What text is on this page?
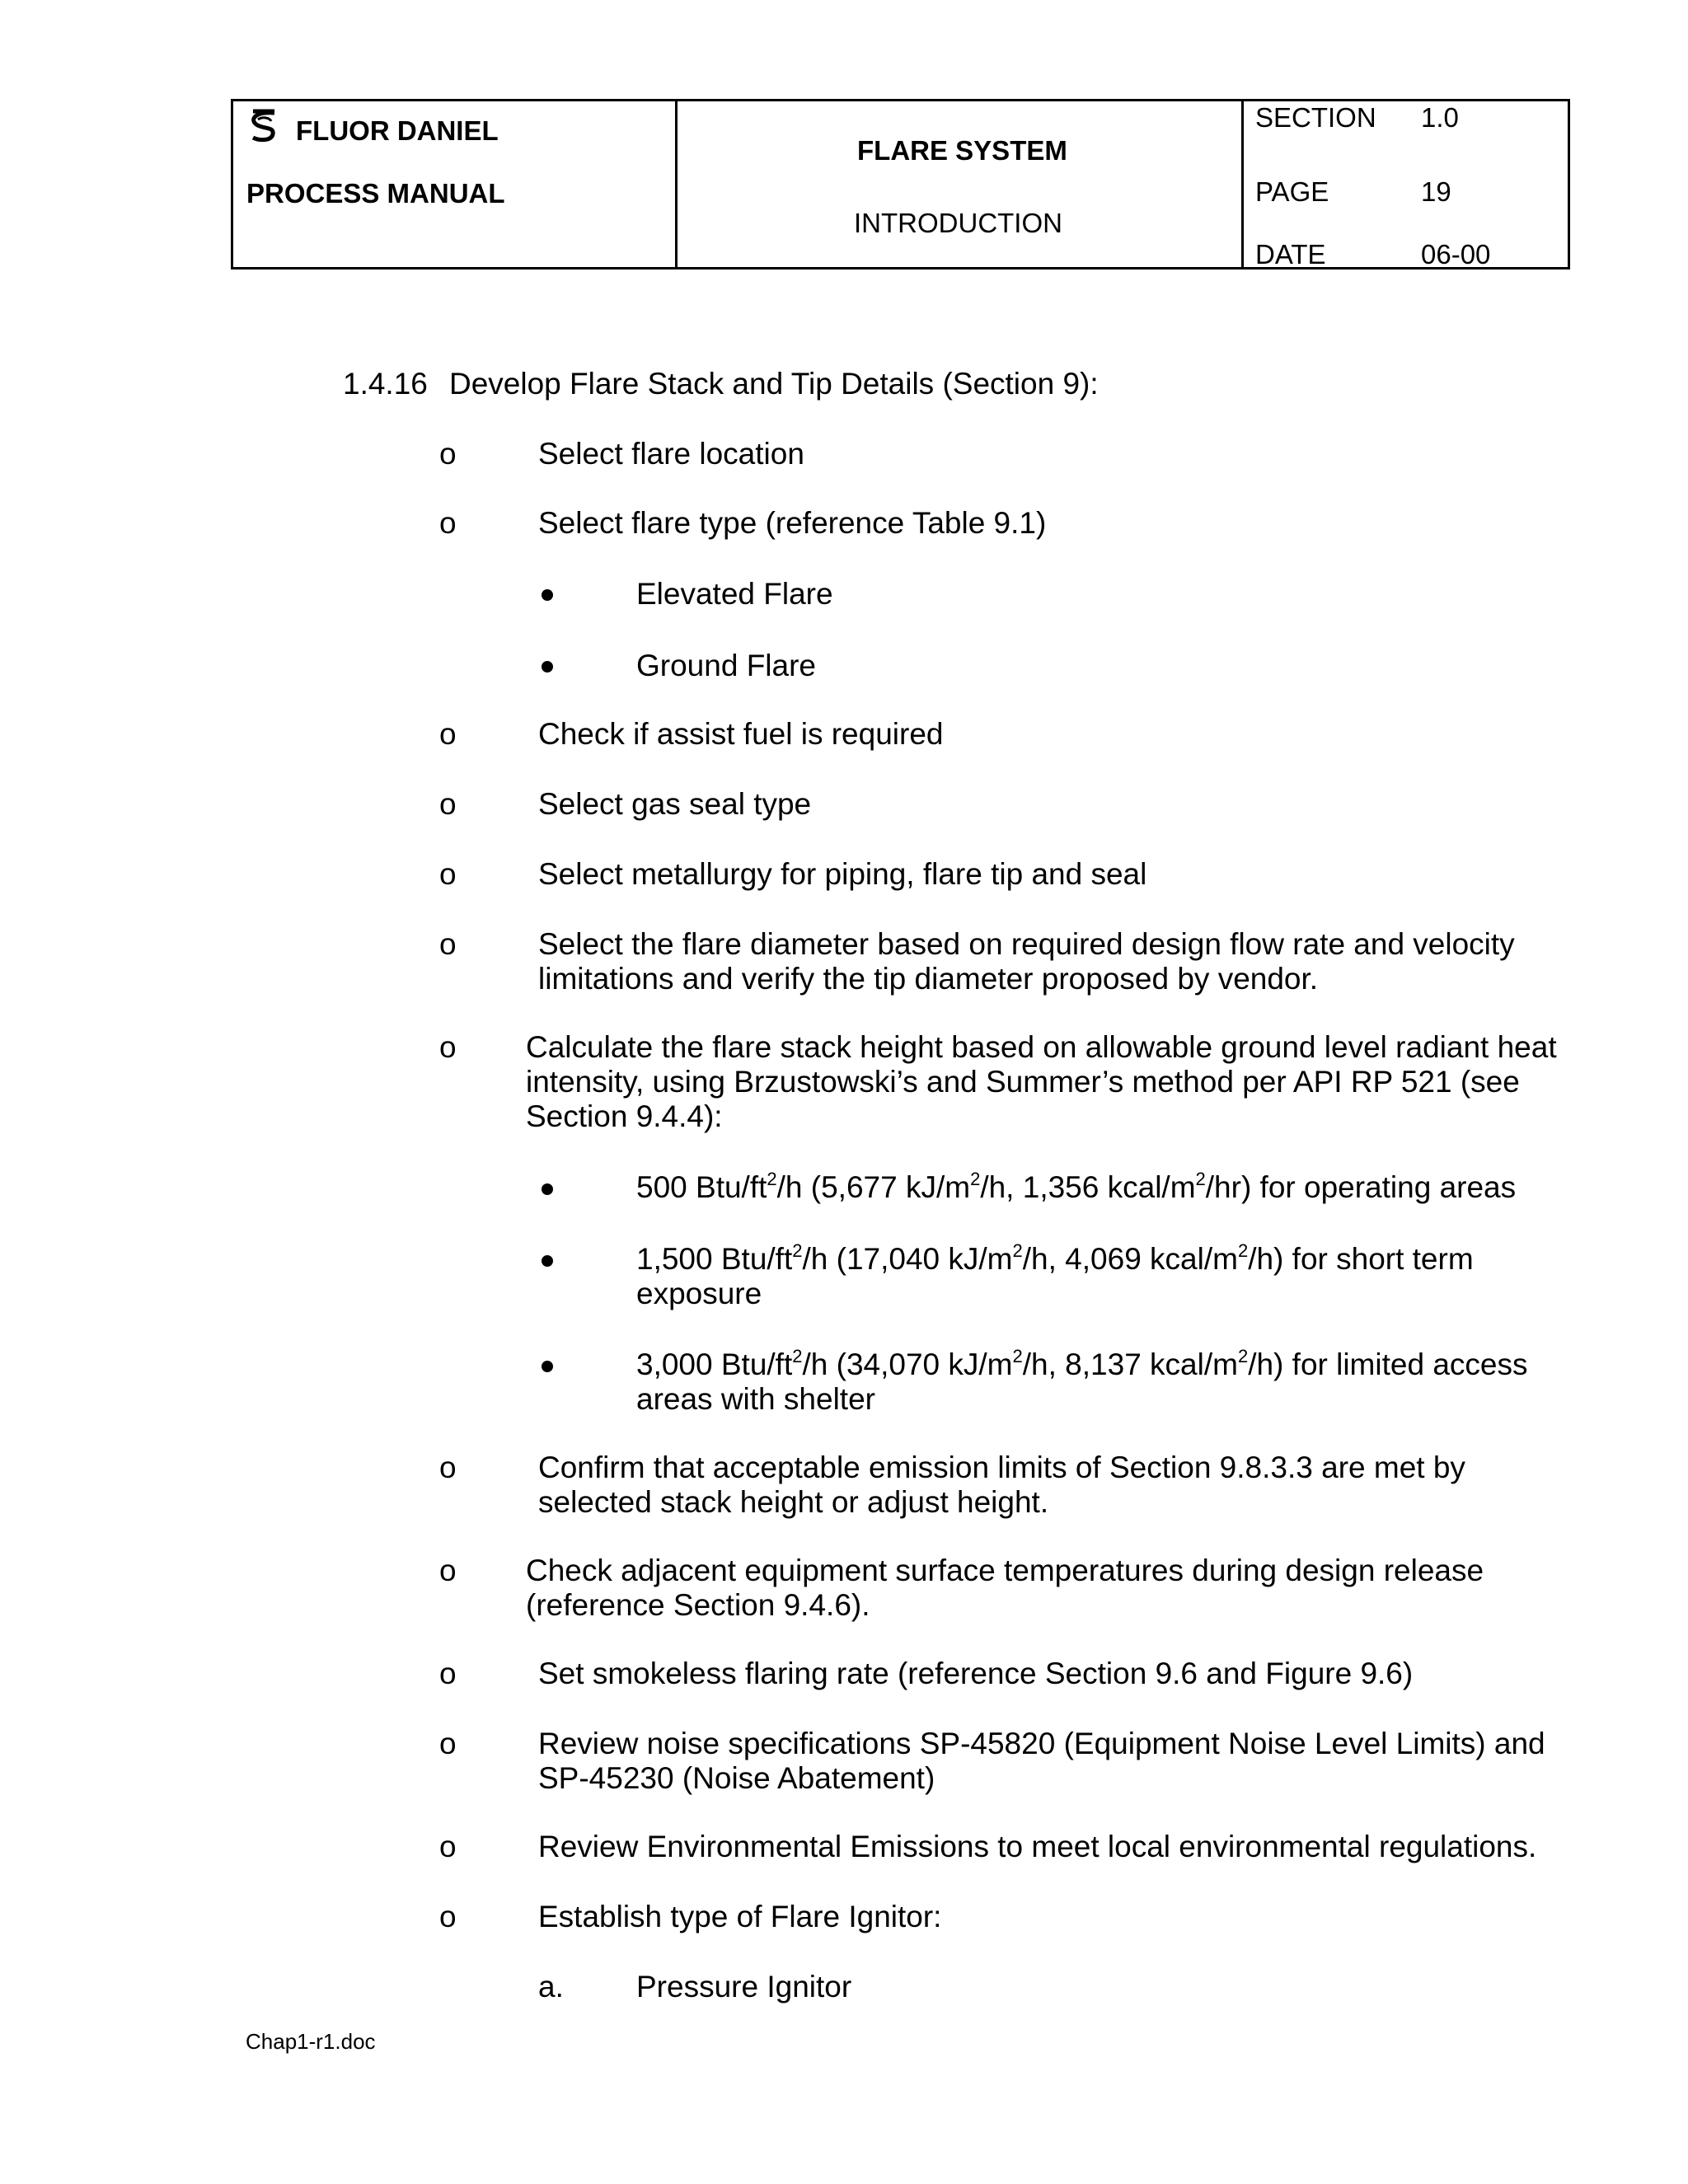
FLUOR DANIEL
PROCESS MANUAL
FLARE SYSTEM
INTRODUCTION
SECTION 1.0
PAGE	19
DATE	06-00
1.4.16 Develop Flare Stack and Tip Details (Section 9):
o	Select flare location
o	Select flare type (reference Table 9.1)
Elevated Flare
Ground Flare
o	Check if assist fuel is required
o	Select gas seal type
o	Select metallurgy for piping, flare tip and seal
o	Select the flare diameter based on required design flow rate and velocity
limitations and verify the tip diameter proposed by vendor.
o Calculate the flare stack height based on allowable ground level radiant heat
intensity, using Brzustowski’s and Summer’s method per API RP 521 (see
Section 9.4.4):
500 Btu/$ft^2/h$ (5,677 $kJ/m^2/h$, 1,356 kcal/$m^2/hr$) for operating areas
1,500 Btu/$ft^2/h$ (17,040 $kJ/m^2/h$, 4,069 kcal/$m^2/h$) for short term
exposure
3,000 Btu/$ft^2/h$ (34,070 $kJ/m^2/h$, 8,137 kcal/$m^2/h$) for limited access
areas with shelter
o	Confirm that acceptable emission limits of Section 9.8.3.3 are met by
selected stack height or adjust height.
o Check adjacent equipment surface temperatures during design release
(reference Section 9.4.6).
o	Set smokeless flaring rate (reference Section 9.6 and Figure 9.6)
o	Review noise specifications SP-45820 (Equipment Noise Level Limits) and
SP-45230 (Noise Abatement)
o	Review Environmental Emissions to meet local environmental regulations.
o	Establish type of Flare Ignitor:
a. Pressure Ignitor
Chap1-r1.doc
